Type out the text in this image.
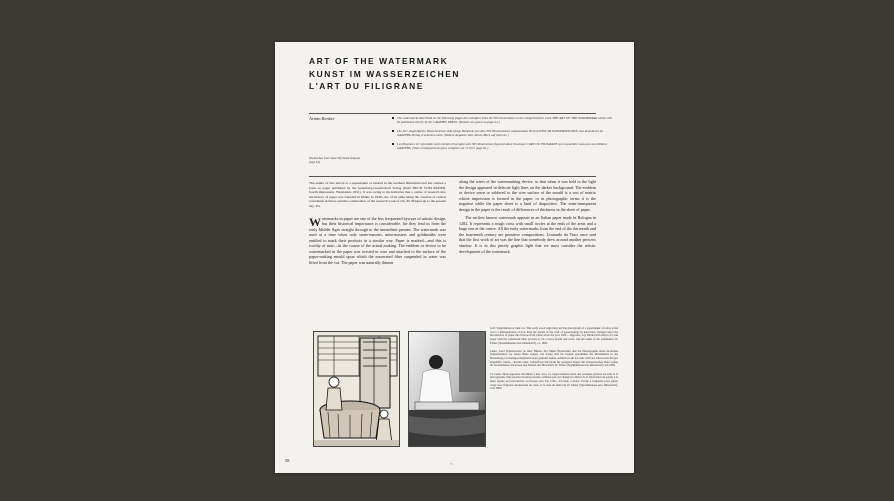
ART OF THE WATERMARK
KUNST IM WASSERZEICHEN
L'ART DU FILIGRANE
Armin Renker	The watermarks described on the following pages are examples from the 363 illustrations in the comprehensive work THE ART OF THE WATERMARK which will be published shortly by the GRAPHIS PRESS. (Details are given on page 61.)

Die hier abgebildeten Wasserzeichen sind einige Beispiele aus dem 363 Illustrationen umfassenden Werk KUNST IM WASSERZEICHEN, das demnächst im GRAPHIS-Verlag erscheinen wird. (Nähere Angaben über dieses Buch auf Seite 61.)

Les filigranes ici reproduits sont extraits d'exemples des 363 illustrations figurant dans l'ouvrage L'ART DU FILIGRANE qui va paraître sous peu aux éditions GRAPHIS. (Vous renseignements plus complets sur ce livre page 61.)

(Deutscher Text Seite 59) Texte français page 61)

The author of this article is a papermaker at Zerkall in the northern Rhineland and has written a book on paper published by the Gutenberg-Gesellschaft Verlag (DAS BUCH VOM PAPIER, fourth impression, Wiesbaden 1951). It was owing to his initiative that a centre of research into the history of paper was founded in Mainz in 1938, one of its aims being the creation of central watermark archives and the continuation of the research work of Ch.-M. Briquet up to the present day. Ed.

Watermarks in paper are one of the less frequented byways of artistic design, but their historical importance is considerable, for they lead us from the early Middle Ages straight through to the immediate present. The watermark was used at a time when only stone-masons, mint-masters and goldsmiths were entitled to mark their products in a similar way. Paper is marked—and this is worthy of note—in the course of the actual making. The emblem or device to be watermarked in the paper was twisted in wire and attached to the surface of the paper-making mould upon which the macerated fibre suspended in water was lifted from the vat. The paper was naturally thinner

along the wires of the watermarking device, so that when it was held to the light the design appeared in delicate light lines on the darker background. The emblem or device sewn or soldered to the wire surface of the mould is a sort of matrix whose impression is formed in the paper, or in photographic terms it is the negative while the paper sheet is a kind of diapositive. The semi-transparent design in the paper is the result of differences of thickness in the sheet of paper.

The earliest known watermark appears in an Italian paper made in Bologna in 1282. It represents a rough cross with small circles at the ends of the arms and a large one at the centre. All the early watermarks from the end of the thirteenth and the fourteenth century are primitive compositions. Leonardo da Vinci once said that the first work of art was the line that somebody drew around another person's shadow. It is in this purely graphic light that we must consider the artistic development of the watermark.

Left: Vatgoldsman at their vat. This early wood engraving and the photograph of a papermaker of today at his vat is a demonstration of how little the details of the craft of papermaking by hand have changed since the introduction of paper into Europe from China about the year 1100.—Opposite, top: Mould with device for laid paper with the watermark Dieu protecte la on a laced mould and cross, and the name of the paintmaker W. Elsner (Spicklühausen near Düsseldorf), ca. 1800.

Links: Zwei Papiermacher an ihrer Bütten. Ein früher Holzschnitt und die Photographie eines modernen Papiermachers vor seiner Bütte zeigen, wie wenig sich im Grunde genommen die Einzelheiten in der Herstellung von handgeschöpftem Papier geändert haben, seitdem es um das Jahr 1100 aus China nach Europa eingeführt wurde.—Rechts oben: Schöpfform mit Draht für geripptes Papier mit Wasserzeichen Dieu Lohne im Linienmuster, mit Kreuz und Namen des Herstellers W. Elsner (Spicklühausen bei Düsseldorf), um 1800.

Ci-contre: Deux papetiers travaillant à leur cuve. Ce rapprochement entre une ancienne gravure sur bois et la photographie d'un papetier moderne montre combien peu ont changé les détails de la fabrication du papier à la main depuis son introduction en Europe vers l'an 1100.—En haut, à droite: Forme à vergeures pour papier vergé avec filigrane représentant un cœur, et le nom du fabricant W. Elsner (Spicklühausen près Düsseldorf), vers 1800.

58
78
